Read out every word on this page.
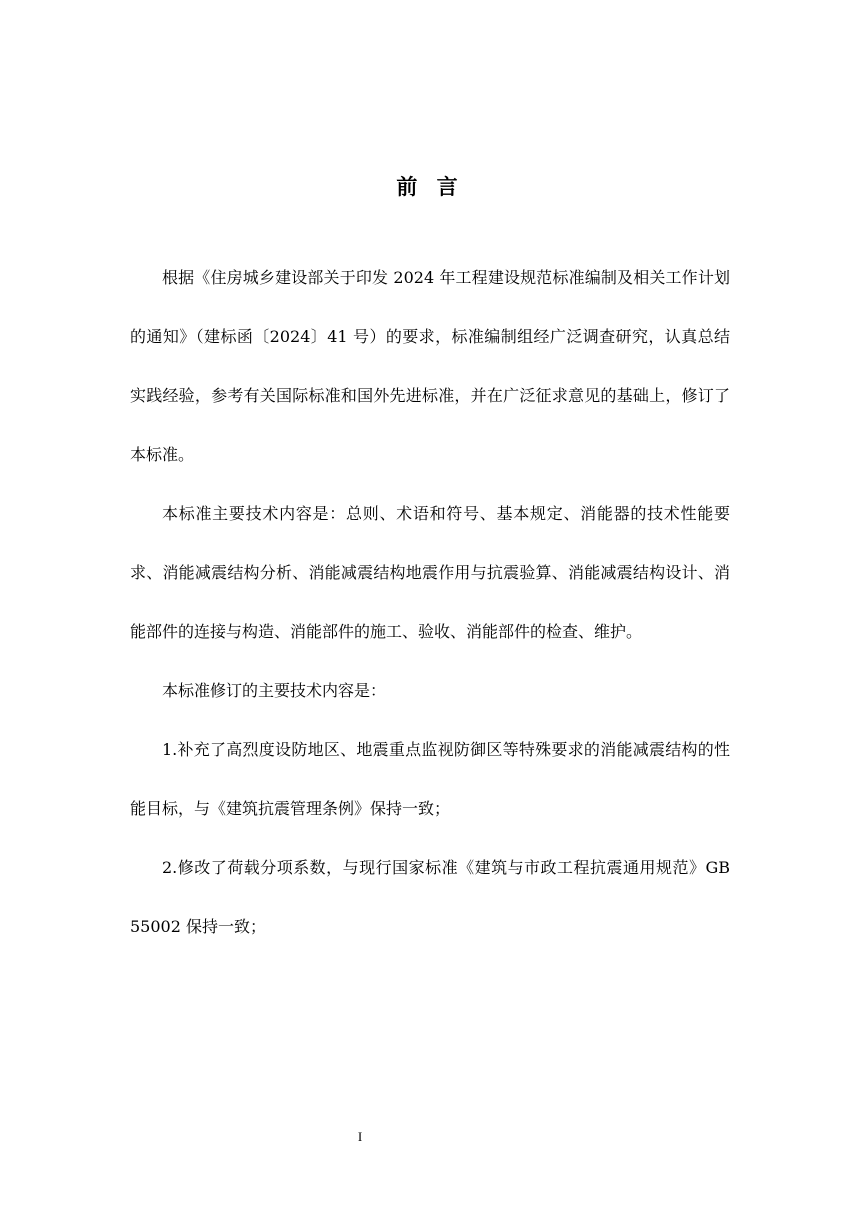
前 言

根据《住房城乡建设部关于印发 2024 年工程建设规范标准编制及相关工作计划的通知》（建标函〔2024〕41 号）的要求，标准编制组经广泛调查研究，认真总结实践经验，参考有关国际标准和国外先进标准，并在广泛征求意见的基础上，修订了本标准。

本标准主要技术内容是：总则、术语和符号、基本规定、消能器的技术性能要求、消能减震结构分析、消能减震结构地震作用与抗震验算、消能减震结构设计、消能部件的连接与构造、消能部件的施工、验收、消能部件的检查、维护。

本标准修订的主要技术内容是：

1.补充了高烈度设防地区、地震重点监视防御区等特殊要求的消能减震结构的性能目标，与《建筑抗震管理条例》保持一致；

2.修改了荷载分项系数，与现行国家标准《建筑与市政工程抗震通用规范》GB 55002 保持一致；

I
